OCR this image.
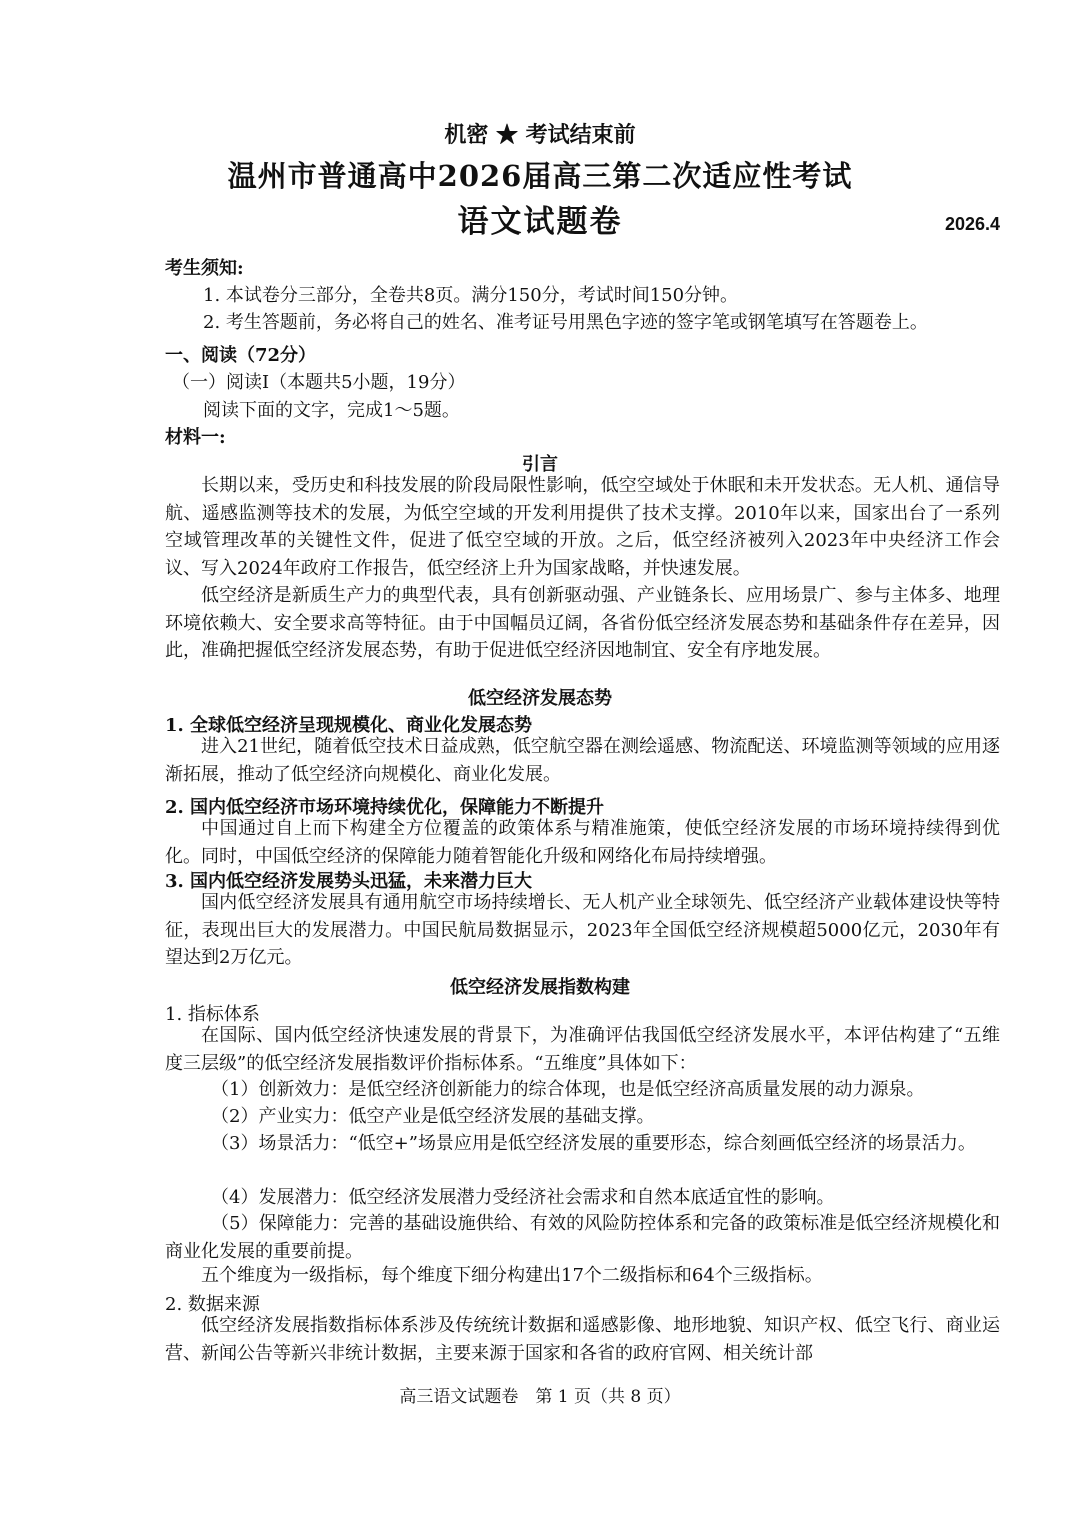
机密 ★ 考试结束前
温州市普通高中2026届高三第二次适应性考试
语文试题卷	2026.4
考生须知:
1. 本试卷分三部分，全卷共8页。满分150分，考试时间150分钟。
2. 考生答题前，务必将自己的姓名、准考证号用黑色字迹的签字笔或钢笔填写在答题卷上。
一、阅读（72分）
（一）阅读Ⅰ（本题共5小题，19分）
阅读下面的文字，完成1～5题。
材料一:
引言
长期以来，受历史和科技发展的阶段局限性影响，低空空域处于休眠和未开发状态。无人机、通信导航、遥感监测等技术的发展，为低空空域的开发利用提供了技术支撑。2010年以来，国家出台了一系列空域管理改革的关键性文件，促进了低空空域的开放。之后，低空经济被列入2023年中央经济工作会议、写入2024年政府工作报告，低空经济上升为国家战略，并快速发展。
低空经济是新质生产力的典型代表，具有创新驱动强、产业链条长、应用场景广、参与主体多、地理环境依赖大、安全要求高等特征。由于中国幅员辽阔，各省份低空经济发展态势和基础条件存在差异，因此，准确把握低空经济发展态势，有助于促进低空经济因地制宜、安全有序地发展。
低空经济发展态势
1. 全球低空经济呈现规模化、商业化发展态势
进入21世纪，随着低空技术日益成熟，低空航空器在测绘遥感、物流配送、环境监测等领域的应用逐渐拓展，推动了低空经济向规模化、商业化发展。
2. 国内低空经济市场环境持续优化，保障能力不断提升
中国通过自上而下构建全方位覆盖的政策体系与精准施策，使低空经济发展的市场环境持续得到优化。同时，中国低空经济的保障能力随着智能化升级和网络化布局持续增强。
3. 国内低空经济发展势头迅猛，未来潜力巨大
国内低空经济发展具有通用航空市场持续增长、无人机产业全球领先、低空经济产业载体建设快等特征，表现出巨大的发展潜力。中国民航局数据显示，2023年全国低空经济规模超5000亿元，2030年有望达到2万亿元。
低空经济发展指数构建
1. 指标体系
在国际、国内低空经济快速发展的背景下，为准确评估我国低空经济发展水平，本评估构建了“五维度三层级”的低空经济发展指数评价指标体系。“五维度”具体如下：
（1）创新效力：是低空经济创新能力的综合体现，也是低空经济高质量发展的动力源泉。
（2）产业实力：低空产业是低空经济发展的基础支撑。
（3）场景活力：“低空+”场景应用是低空经济发展的重要形态，综合刻画低空经济的场景活力。
（4）发展潜力：低空经济发展潜力受经济社会需求和自然本底适宜性的影响。
（5）保障能力：完善的基础设施供给、有效的风险防控体系和完备的政策标准是低空经济规模化和商业化发展的重要前提。
五个维度为一级指标，每个维度下细分构建出17个二级指标和64个三级指标。
2. 数据来源
低空经济发展指数指标体系涉及传统统计数据和遥感影像、地形地貌、知识产权、低空飞行、商业运营、新闻公告等新兴非统计数据，主要来源于国家和各省的政府官网、相关统计部
高三语文试题卷　第 1 页（共 8 页）
